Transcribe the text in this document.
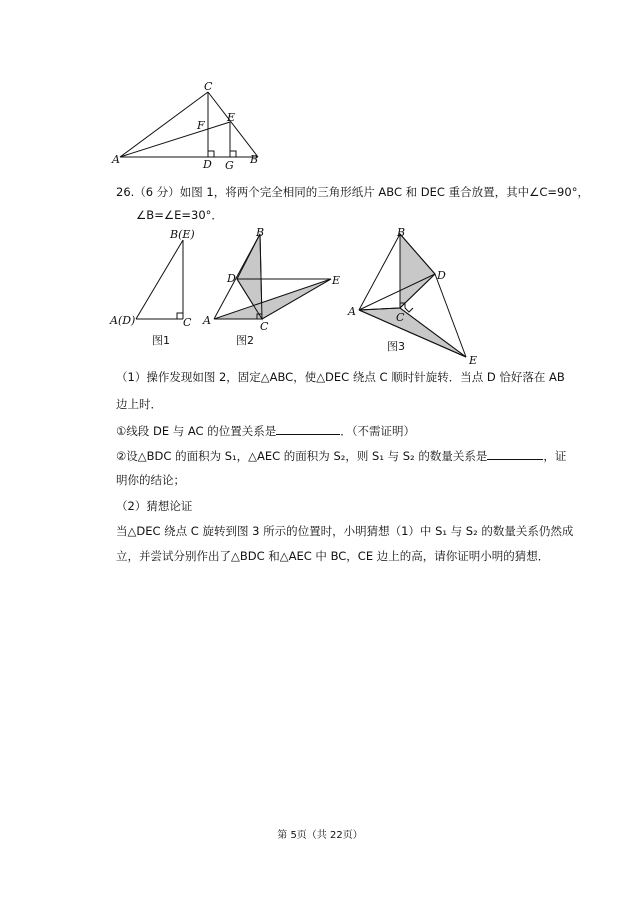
C
F
E
A	D G B
26.（6 分）如图 1，将两个完全相同的三角形纸片 ABC 和 DEC 重合放置，其中∠C=90°，
∠B=∠E=30°．
B(E)
A(D)	C
图1
B
D	E
A	C
图2
B
D
A	C
E
图3
（1）操作发现如图 2，固定△ABC，使△DEC 绕点 C 顺时针旋转．当点 D 恰好落在 AB
边上时．
①线段 DE 与 AC 的位置关系是	．（不需证明）
②设△BDC 的面积为 S₁，△AEC 的面积为 S₂，则 S₁ 与 S₂ 的数量关系是	，证
明你的结论；
（2）猜想论证
当△DEC 绕点 C 旋转到图 3 所示的位置时，小明猜想（1）中 S₁ 与 S₂ 的数量关系仍然成
立，并尝试分别作出了△BDC 和△AEC 中 BC，CE 边上的高，请你证明小明的猜想．
第 5页（共 22页）
